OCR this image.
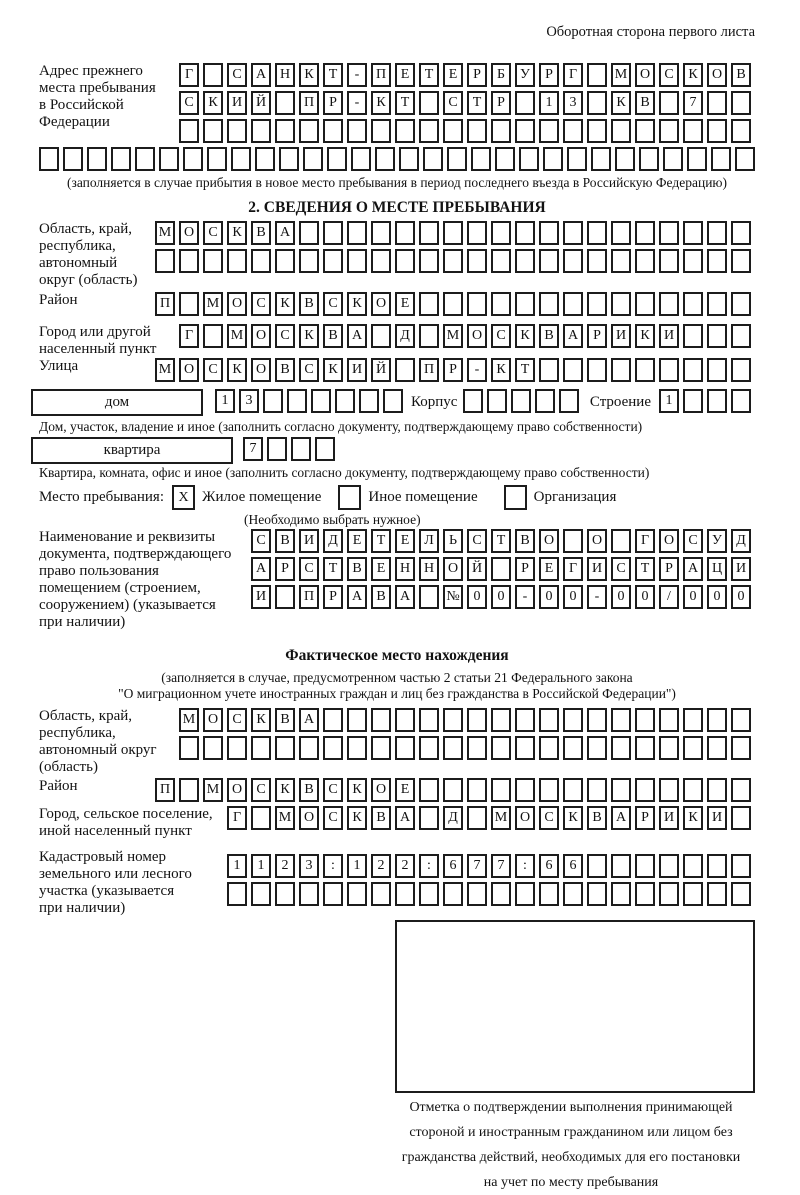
Оборотная сторона первого листа
Адрес прежнего
места пребывания
в Российской
Федерации
Г	С А Н К Т - П Е Т Е Р Б У Р Г	М О С К О В
С К И Й	П Р - К Т	С Т Р	1 3	К В	7
(заполняется в случае прибытия в новое место пребывания в период последнего въезда в Российскую Федерацию)
2. СВЕДЕНИЯ О МЕСТЕ ПРЕБЫВАНИЯ
Область, край,
республика,
автономный
округ (область)
М О С К В А
Район	П	М О С К В С К О Е
Город или другой
населенный пункт
Г	М О С К В А	Д	М О С К В А Р И К И
Улица	М О С К О В С К И Й	П Р - К Т
дом	1 3	Корпус	Строение	1
Дом, участок, владение и иное (заполнить согласно документу, подтверждающему право собственности)
квартира	7
Квартира, комната, офис и иное (заполнить согласно документу, подтверждающему право собственности)
Место пребывания:	X Жилое помещение	Иное помещение	Организация
(Необходимо выбрать нужное)
Наименование и реквизиты
документа, подтверждающего
право пользования
помещением (строением,
сооружением) (указывается
при наличии)
С В И Д Е Т Е Л Ь С Т В О	О	Г О С У Д
А Р С Т В Е Н Н О Й	Р Е Г И С Т Р А Ц И
И	П Р А В А	№ 0 0 - 0 0 - 0 0 / 0 0 0
Фактическое место нахождения
(заполняется в случае, предусмотренном частью 2 статьи 21 Федерального закона
"О миграционном учете иностранных граждан и лиц без гражданства в Российской Федерации")
Область, край,
республика,
автономный округ
(область)
М О С К В А
Район	П	М О С К В С К О Е
Город, сельское поселение,
иной населенный пункт
Г	М О С К В А	Д	М О С К В А Р И К И
Кадастровый номер
земельного или лесного
участка (указывается
при наличии)
1 1 2 3 : 1 2 2 : 6 7 7 : 6 6
Отметка о подтверждении выполнения принимающей
стороной и иностранным гражданином или лицом без
гражданства действий, необходимых для его постановки
на учет по месту пребывания
